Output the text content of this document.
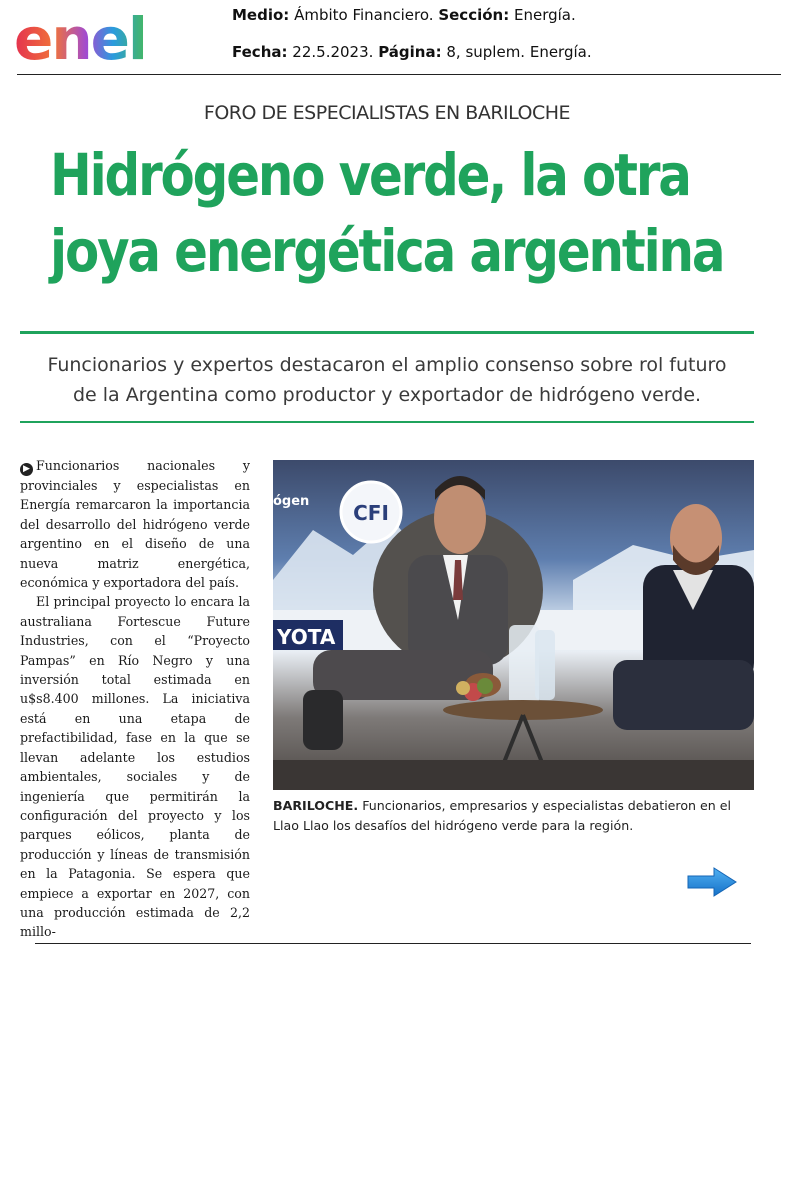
enel	Medio: Ámbito Financiero. Sección: Energía.
Fecha: 22.5.2023. Página: 8, suplem. Energía.
FORO DE ESPECIALISTAS EN BARILOCHE
Hidrógeno verde, la otra
joya energética argentina
Funcionarios y expertos destacaron el amplio consenso sobre rol futuro
de la Argentina como productor y exportador de hidrógeno verde.

▶ Funcionarios nacionales y provinciales y especialistas en Energía remarcaron la importancia del desarrollo del hidrógeno verde argentino en el diseño de una nueva matriz energética, económica y exportadora del país.

El principal proyecto lo encara la australiana Fortescue Future Industries, con el “Proyecto Pampas” en Río Negro y una inversión total estimada en u$s8.400 millones. La iniciativa está en una etapa de prefactibilidad, fase en la que se llevan adelante los estudios ambientales, sociales y de ingeniería que permitirán la configuración del proyecto y los parques eólicos, planta de producción y líneas de transmisión en la Patagonia. Se espera que empiece a exportar en 2027, con una producción estimada de 2,2 millo-

YOTA
ógen CFI
BARILOCHE. Funcionarios, empresarios y especialistas debatieron en el Llao Llao los desafíos del hidrógeno verde para la región.
